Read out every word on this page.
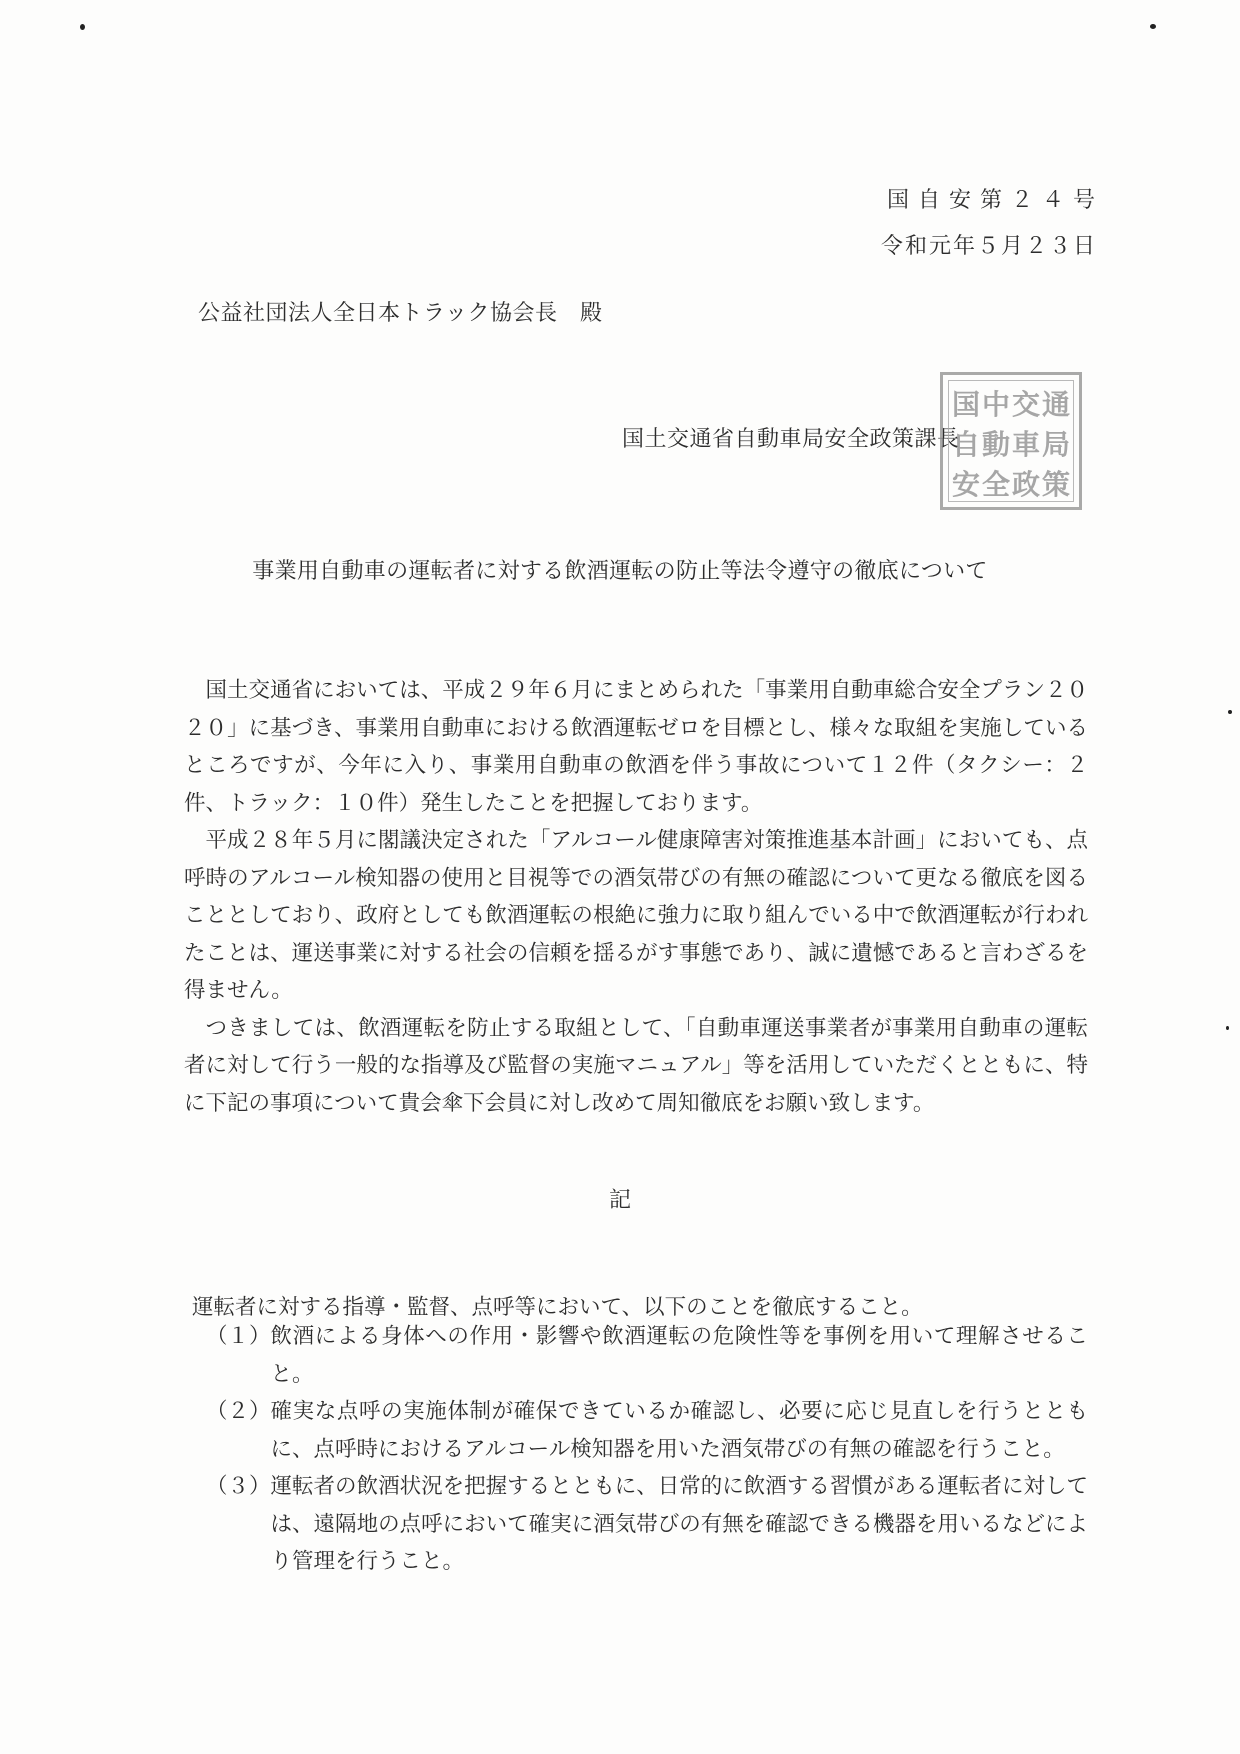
国自安第２４号
令和元年５月２３日
公益社団法人全日本トラック協会長　殿
国土交通省自動車局安全政策課長
国 中 交 通
自 動 車 局
安 全 政 策
事業用自動車の運転者に対する飲酒運転の防止等法令遵守の徹底について

国土交通省においては、平成２９年６月にまとめられた「事業用自動車総合安全プラン２０２０」に基づき、事業用自動車における飲酒運転ゼロを目標とし、様々な取組を実施しているところですが、今年に入り、事業用自動車の飲酒を伴う事故について１２件（タクシー：２件、トラック：１０件）発生したことを把握しております。

平成２８年５月に閣議決定された「アルコール健康障害対策推進基本計画」においても、点呼時のアルコール検知器の使用と目視等での酒気帯びの有無の確認について更なる徹底を図ることとしており、政府としても飲酒運転の根絶に強力に取り組んでいる中で飲酒運転が行われたことは、運送事業に対する社会の信頼を揺るがす事態であり、誠に遺憾であると言わざるを得ません。

つきましては、飲酒運転を防止する取組として、「自動車運送事業者が事業用自動車の運転者に対して行う一般的な指導及び監督の実施マニュアル」等を活用していただくとともに、特に下記の事項について貴会傘下会員に対し改めて周知徹底をお願い致します。

記
運転者に対する指導・監督、点呼等において、以下のことを徹底すること。
（１） 飲酒による身体への作用・影響や飲酒運転の危険性等を事例を用いて理解させること。
（２） 確実な点呼の実施体制が確保できているか確認し、必要に応じ見直しを行うとともに、点呼時におけるアルコール検知器を用いた酒気帯びの有無の確認を行うこと。
（３） 運転者の飲酒状況を把握するとともに、日常的に飲酒する習慣がある運転者に対しては、遠隔地の点呼において確実に酒気帯びの有無を確認できる機器を用いるなどにより管理を行うこと。
